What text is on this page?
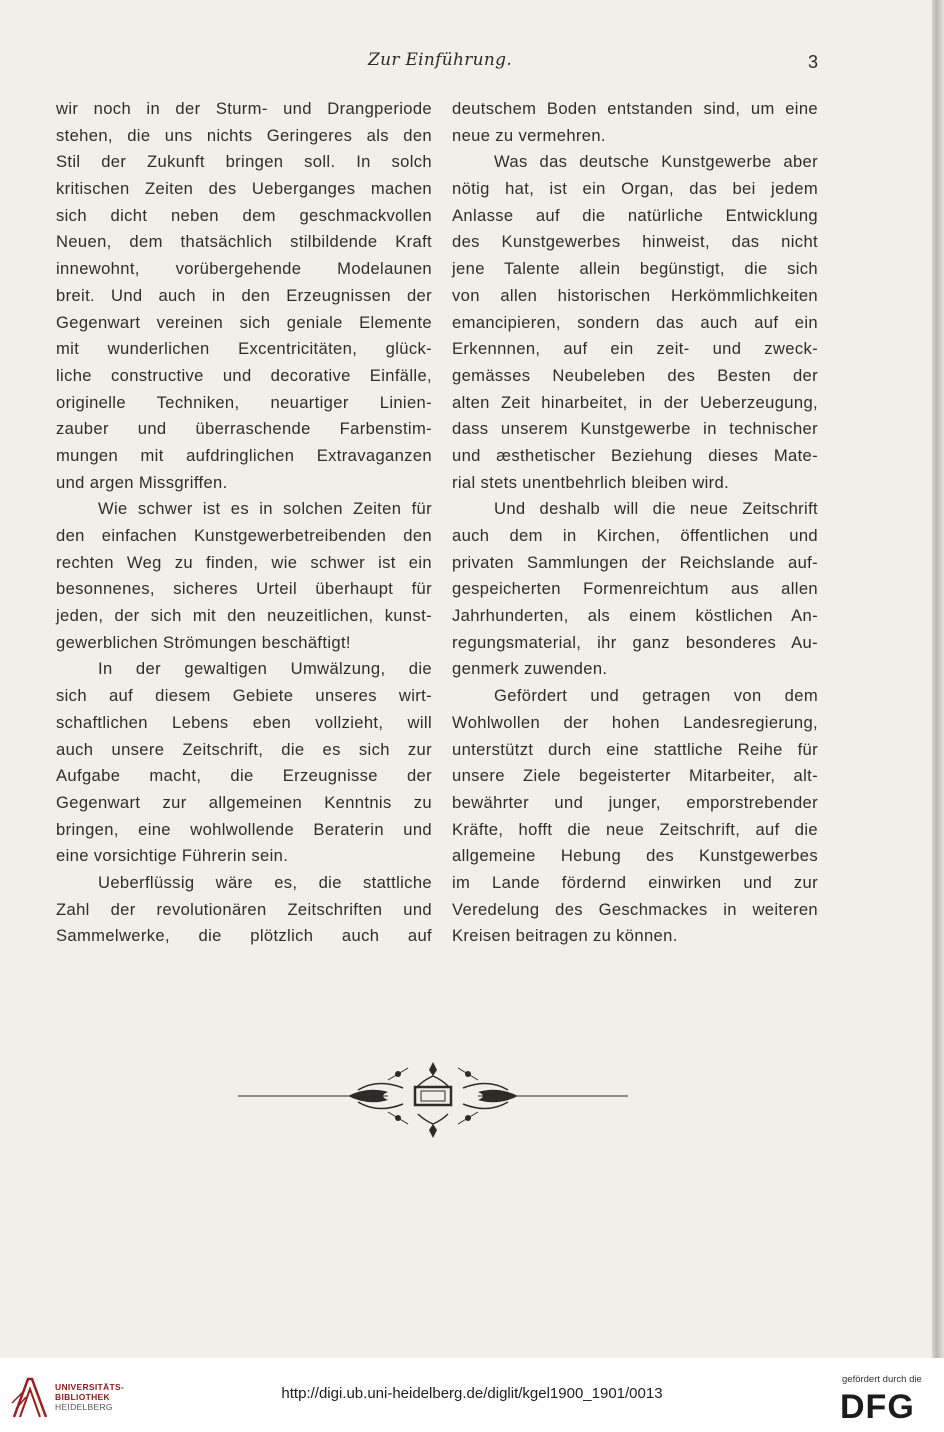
Zur Einführung.	3
wir noch in der Sturm- und Drangperiode
stehen, die uns nichts Geringeres als den
Stil der Zukunft bringen soll. In solch
kritischen Zeiten des Ueberganges machen
sich dicht neben dem geschmackvollen
Neuen, dem thatsächlich stilbildende Kraft
innewohnt, vorübergehende Modelaunen
breit. Und auch in den Erzeugnissen der
Gegenwart vereinen sich geniale Elemente
mit wunderlichen Excentricitäten, glück-
liche constructive und decorative Einfälle,
originelle Techniken, neuartiger Linien-
zauber und überraschende Farbenstim-
mungen mit aufdringlichen Extravaganzen
und argen Missgriffen.
Wie schwer ist es in solchen Zeiten für
den einfachen Kunstgewerbetreibenden den
rechten Weg zu finden, wie schwer ist ein
besonnenes, sicheres Urteil überhaupt für
jeden, der sich mit den neuzeitlichen, kunst-
gewerblichen Strömungen beschäftigt!
In der gewaltigen Umwälzung, die
sich auf diesem Gebiete unseres wirt-
schaftlichen Lebens eben vollzieht, will
auch unsere Zeitschrift, die es sich zur
Aufgabe macht, die Erzeugnisse der
Gegenwart zur allgemeinen Kenntnis zu
bringen, eine wohlwollende Beraterin und
eine vorsichtige Führerin sein.
Ueberflüssig wäre es, die stattliche
Zahl der revolutionären Zeitschriften und
Sammelwerke, die plötzlich auch auf
deutschem Boden entstanden sind, um eine
neue zu vermehren.
Was das deutsche Kunstgewerbe aber
nötig hat, ist ein Organ, das bei jedem
Anlasse auf die natürliche Entwicklung
des Kunstgewerbes hinweist, das nicht
jene Talente allein begünstigt, die sich
von allen historischen Herkömmlichkeiten
emancipieren, sondern das auch auf ein
Erkennnen, auf ein zeit- und zweck-
gemässes Neubeleben des Besten der
alten Zeit hinarbeitet, in der Ueberzeugung,
dass unserem Kunstgewerbe in technischer
und æsthetischer Beziehung dieses Mate-
rial stets unentbehrlich bleiben wird.
Und deshalb will die neue Zeitschrift
auch dem in Kirchen, öffentlichen und
privaten Sammlungen der Reichslande auf-
gespeicherten Formenreichtum aus allen
Jahrhunderten, als einem köstlichen An-
regungsmaterial, ihr ganz besonderes Au-
genmerk zuwenden.
Gefördert und getragen von dem
Wohlwollen der hohen Landesregierung,
unterstützt durch eine stattliche Reihe für
unsere Ziele begeisterter Mitarbeiter, alt-
bewährter und junger, emporstrebender
Kräfte, hofft die neue Zeitschrift, auf die
allgemeine Hebung des Kunstgewerbes
im Lande fördernd einwirken und zur
Veredelung des Geschmackes in weiteren
Kreisen beitragen zu können.
UNIVERSITÄTS-
BIBLIOTHEK
HEIDELBERG
http://digi.ub.uni-heidelberg.de/diglit/kgel1900_1901/0013
gefördert durch die
DFG
